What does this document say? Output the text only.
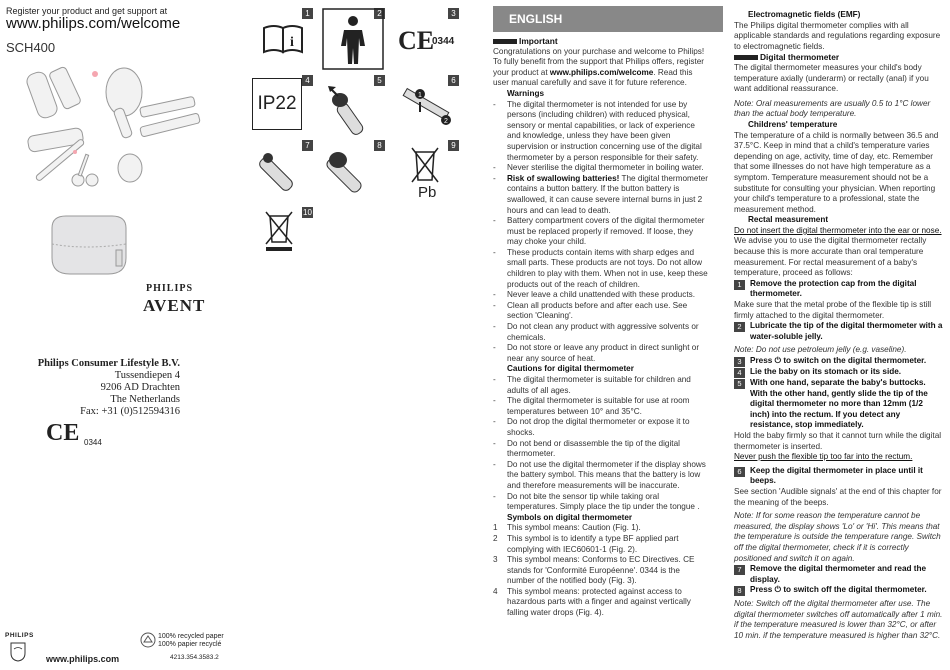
Register your product and get support at
www.philips.com/welcome
SCH400
PHILIPS
AVENT
Philips Consumer Lifestyle B.V.
Tussendiepen 4
9206 AD Drachten
The Netherlands
Fax: +31 (0)512594316
CE 0344
PHILIPS
www.philips.com
100% recycled paper
100% papier recyclé
4213.354.3583.2
1
i
2	3
CE
0344
4
IP22
5	6
1
2
7	8	9
Pb
10
ENGLISH
Important

Congratulations on your purchase and welcome to Philips! To fully benefit from the support that Philips offers, register your product at www.philips.com/welcome. Read this user manual carefully and save it for future reference.

Warnings
-	The digital thermometer is not intended for use by persons (including children) with reduced physical, sensory or mental capabilities, or lack of experience and knowledge, unless they have been given supervision or instruction concerning use of the digital thermometer by a person responsible for their safety.
-	Never sterilise the digital thermometer in boiling water.
-	Risk of swallowing batteries! The digital thermometer contains a button battery. If the button battery is swallowed, it can cause severe internal burns in just 2 hours and can lead to death.
-	Battery compartment covers of the digital thermometer must be replaced properly if removed. If loose, they may choke your child.
-	These products contain items with sharp edges and small parts. These products are not toys. Do not allow children to play with them. When not in use, keep these products out of the reach of children.
-	Never leave a child unattended with these products.
-	Clean all products before and after each use. See section 'Cleaning'.
-	Do not clean any product with aggressive solvents or chemicals.
-	Do not store or leave any product in direct sunlight or near any source of heat.
Cautions for digital thermometer
-	The digital thermometer is suitable for children and adults of all ages.
-	The digital thermometer is suitable for use at room temperatures between 10° and 35°C.
-	Do not drop the digital thermometer or expose it to shocks.
-	Do not bend or disassemble the tip of the digital thermometer.
-	Do not use the digital thermometer if the display shows the battery symbol. This means that the battery is low and therefore measurements will be inaccurate.
-	Do not bite the sensor tip while taking oral temperatures. Simply place the tip under the tongue .
Symbols on digital thermometer
1	This symbol means: Caution (Fig. 1).
2	This symbol is to identify a type BF applied part complying with IEC60601-1 (Fig. 2).
3	This symbol means: Conforms to EC Directives. CE stands for 'Conformité Européenne'. 0344 is the number of the notified body (Fig. 3).
4	This symbol means: protected against access to hazardous parts with a finger and against vertically falling water drops (Fig. 4).
Electromagnetic fields (EMF)

The Philips digital thermometer complies with all applicable standards and regulations regarding exposure to electromagnetic fields.

Digital thermometer

The digital thermometer measures your child's body temperature axially (underarm) or rectally (anal) if you want additional reassurance.

Note: Oral measurements are usually 0.5 to 1°C lower than the actual body temperature.

Childrens' temperature

The temperature of a child is normally between 36.5 and 37.5°C. Keep in mind that a child's temperature varies depending on age, activity, time of day, etc. Remember that some illnesses do not have high temperature as a symptom. Temperature measurement should not be a substitute for consulting your physician. When reporting your child's temperature to a professional, state the measurement method.

Rectal measurement

Do not insert the digital thermometer into the ear or nose.

We advise you to use the digital thermometer rectally because this is more accurate than oral temperature measurement. For rectal measurement of a baby's temperature, proceed as follows:

1	Remove the protection cap from the digital thermometer.

Make sure that the metal probe of the flexible tip is still firmly attached to the digital thermometer.

2	Lubricate the tip of the digital thermometer with a water-soluble jelly.

Note: Do not use petroleum jelly (e.g. vaseline).

3	Press ⏻ to switch on the digital thermometer.
4	Lie the baby on its stomach or its side.
5	With one hand, separate the baby's buttocks. With the other hand, gently slide the tip of the digital thermometer no more than 12mm (1/2 inch) into the rectum. If you detect any resistance, stop immediately.

Hold the baby firmly so that it cannot turn while the digital thermometer is inserted.

Never push the flexible tip too far into the rectum.

6	Keep the digital thermometer in place until it beeps.

See section 'Audible signals' at the end of this chapter for the meaning of the beeps.

Note: If for some reason the temperature cannot be measured, the display shows 'Lo' or 'Hi'. This means that the temperature is outside the temperature range. Switch off the digital thermometer, check if it is correctly positioned and switch it on again.

7	Remove the digital thermometer and read the display.
8	Press ⏻ to switch off the digital thermometer.

Note: Switch off the digital thermometer after use. The digital thermometer switches off automatically after 1 min. if the temperature measured is lower than 32°C, or after 10 min. if the temperature measured is higher than 32°C.
